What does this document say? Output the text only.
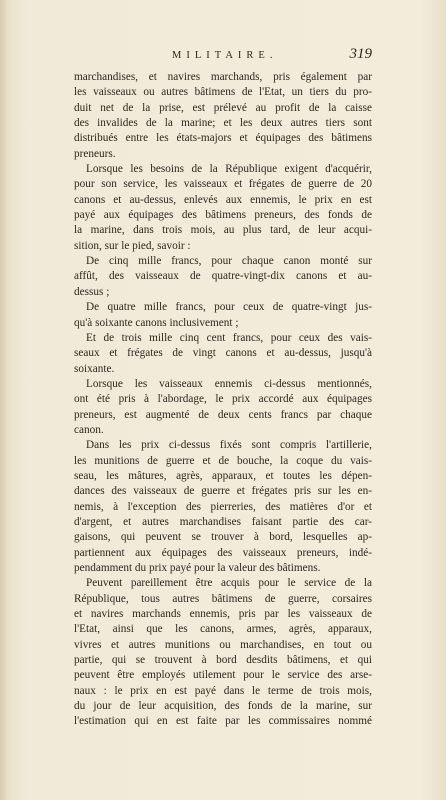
MILITAIRE.	319
marchandises, et navires marchands, pris également par
les vaisseaux ou autres bâtimens de l'Etat, un tiers du pro-
duit net de la prise, est prélevé au profit de la caisse
des invalides de la marine; et les deux autres tiers sont
distribués entre les états-majors et équipages des bâtimens
preneurs.
Lorsque les besoins de la République exigent d'acquérir,
pour son service, les vaisseaux et frégates de guerre de 20
canons et au-dessus, enlevés aux ennemis, le prix en est
payé aux équipages des bâtimens preneurs, des fonds de
la marine, dans trois mois, au plus tard, de leur acqui-
sition, sur le pied, savoir :
De cinq mille francs, pour chaque canon monté sur
affût, des vaisseaux de quatre-vingt-dix canons et au-
dessus ;
De quatre mille francs, pour ceux de quatre-vingt jus-
qu'à soixante canons inclusivement ;
Et de trois mille cinq cent francs, pour ceux des vais-
seaux et frégates de vingt canons et au-dessus, jusqu'à
soixante.
Lorsque les vaisseaux ennemis ci-dessus mentionnés,
ont été pris à l'abordage, le prix accordé aux équipages
preneurs, est augmenté de deux cents francs par chaque
canon.
Dans les prix ci-dessus fixés sont compris l'artillerie,
les munitions de guerre et de bouche, la coque du vais-
seau, les mâtures, agrès, apparaux, et toutes les dépen-
dances des vaisseaux de guerre et frégates pris sur les en-
nemis, à l'exception des pierreries, des matières d'or et
d'argent, et autres marchandises faisant partie des car-
gaisons, qui peuvent se trouver à bord, lesquelles ap-
partiennent aux équipages des vaisseaux preneurs, indé-
pendamment du prix payé pour la valeur des bâtimens.
Peuvent pareillement être acquis pour le service de la
République, tous autres bâtimens de guerre, corsaires
et navires marchands ennemis, pris par les vaisseaux de
l'Etat, ainsi que les canons, armes, agrès, apparaux,
vivres et autres munitions ou marchandises, en tout ou
partie, qui se trouvent à bord desdits bâtimens, et qui
peuvent être employés utilement pour le service des arse-
naux : le prix en est payé dans le terme de trois mois,
du jour de leur acquisition, des fonds de la marine, sur
l'estimation qui en est faite par les commissaires nommé
